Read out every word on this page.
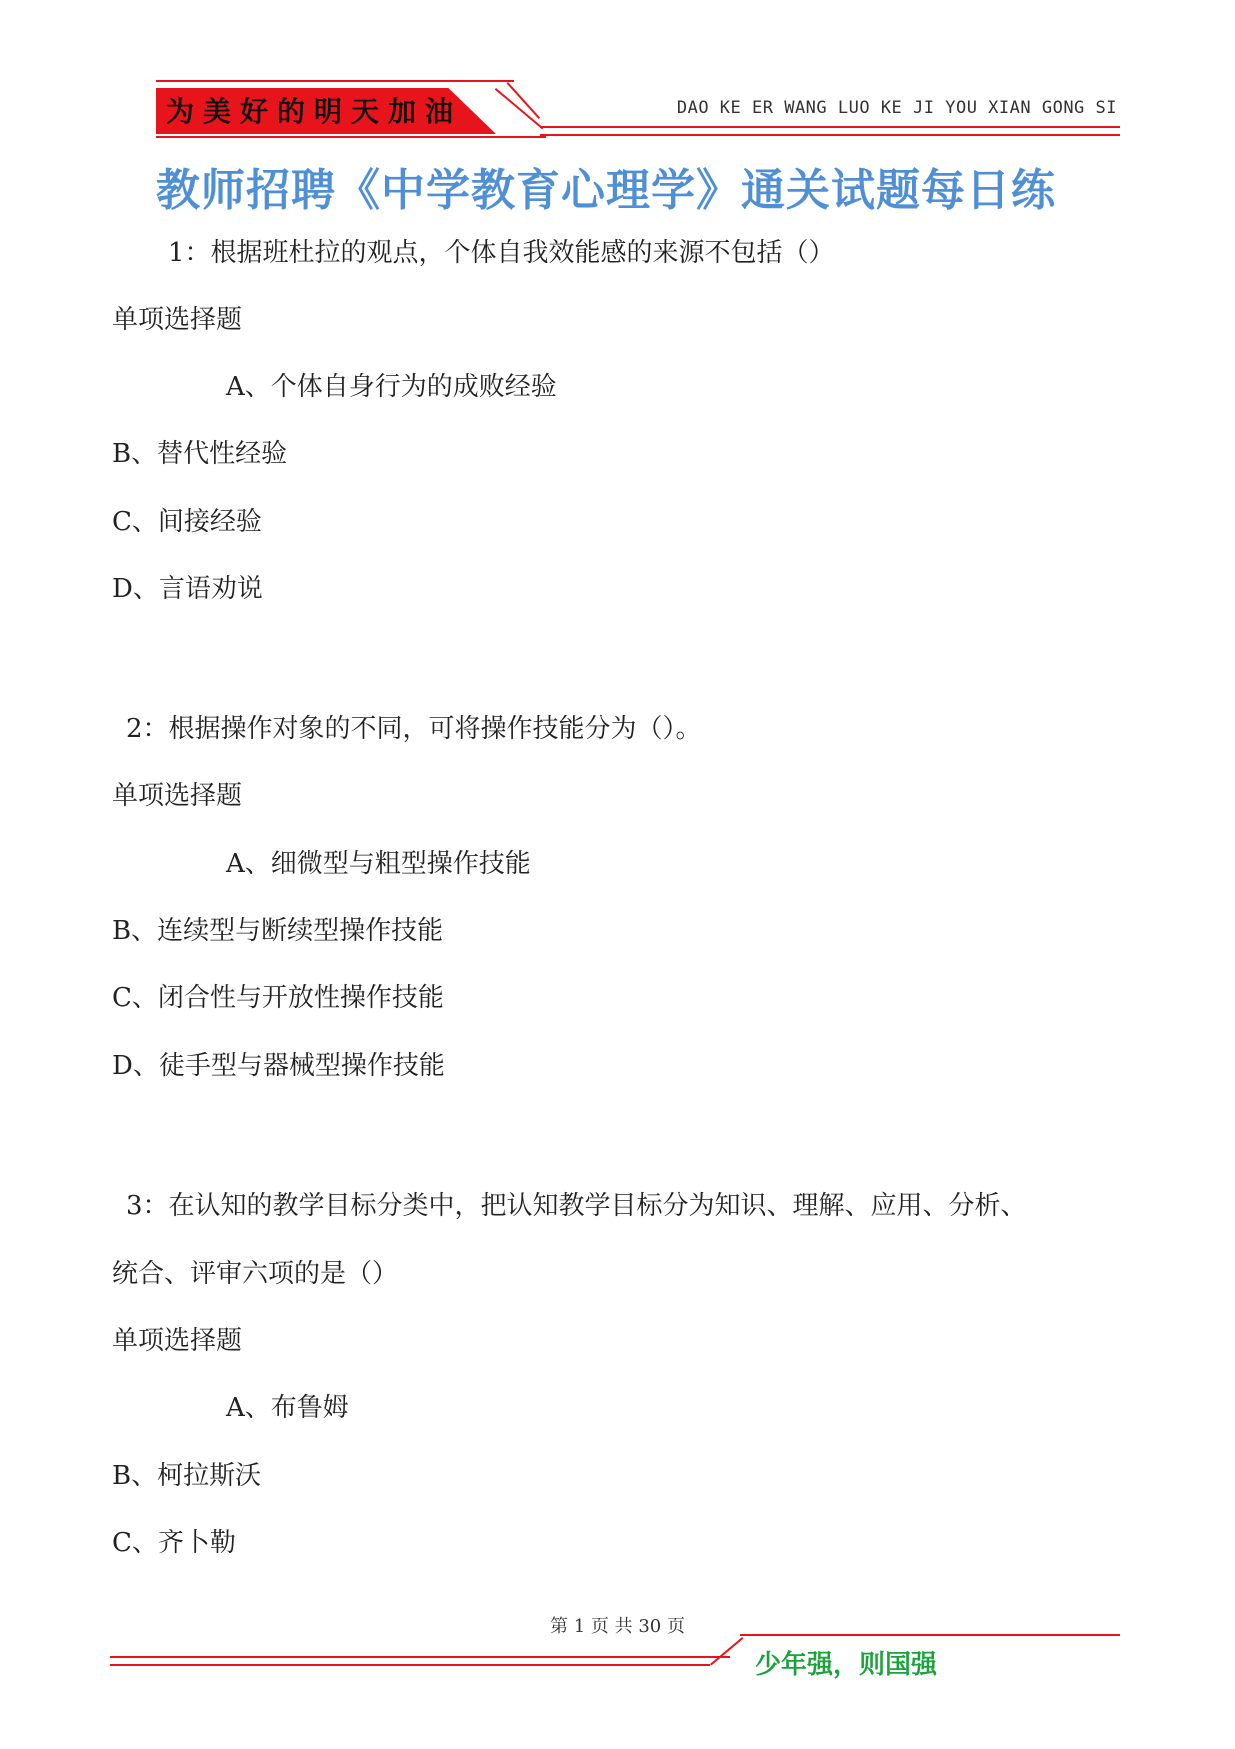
为美好的明天加油	DAO KE ER WANG LUO KE JI YOU XIAN GONG SI
教师招聘《中学教育心理学》通关试题每日练
1：根据班杜拉的观点，个体自我效能感的来源不包括（）
单项选择题
A、个体自身行为的成败经验
B、替代性经验
C、间接经验
D、言语劝说
2：根据操作对象的不同，可将操作技能分为（）。
单项选择题
A、细微型与粗型操作技能
B、连续型与断续型操作技能
C、闭合性与开放性操作技能
D、徒手型与器械型操作技能
3：在认知的教学目标分类中，把认知教学目标分为知识、理解、应用、分析、
统合、评审六项的是（）
单项选择题
A、布鲁姆
B、柯拉斯沃
C、齐卜勒
第 1 页 共 30 页
少年强，则国强
